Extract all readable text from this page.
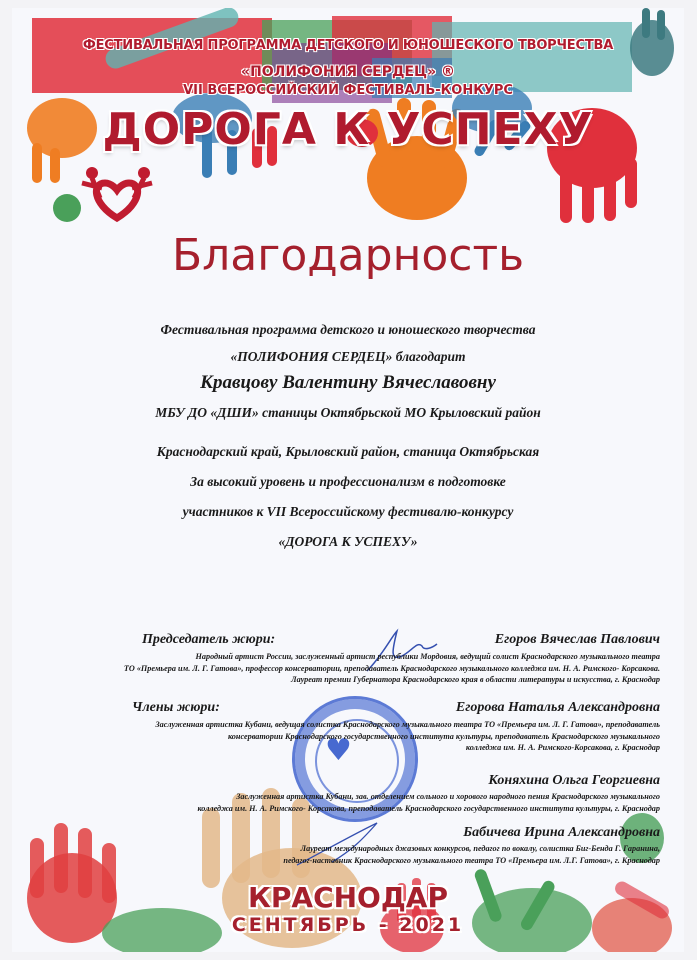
ФЕСТИВАЛЬНАЯ ПРОГРАММА ДЕТСКОГО И ЮНОШЕСКОГО ТВОРЧЕСТВА
«ПОЛИФОНИЯ СЕРДЕЦ» ®
VII ВСЕРОССИЙСКИЙ ФЕСТИВАЛЬ-КОНКУРС
ДОРОГА К УСПЕХУ
Благодарность
Фестивальная программа детского и юношеского творчества
«ПОЛИФОНИЯ СЕРДЕЦ» благодарит
Кравцову Валентину Вячеславовну
МБУ ДО «ДШИ» станицы Октябрьской МО Крыловский район
Краснодарский край, Крыловский район, станица Октябрьская
За высокий уровень и профессионализм в подготовке
участников к VII Всероссийскому фестивалю-конкурсу
«ДОРОГА К УСПЕХУ»
♥
Председатель жюри:	Егоров Вячеслав Павлович
Народный артист России, заслуженный артист республики Мордовия, ведущий солист Краснодарского музыкального театра
ТО «Премьера им. Л. Г. Гатова», профессор консерватории, преподаватель Краснодарского музыкального колледжа им. Н. А. Римского- Корсакова.
Лауреат премии Губернатора Краснодарского края в области литературы и искусства, г. Краснодар
Члены жюри:	Егорова Наталья Александровна
Заслуженная артистка Кубани, ведущая солистка Краснодарского музыкального театра ТО «Премьера им. Л. Г. Гатова», преподаватель
консерватории Краснодарского государственного института культуры, преподаватель Краснодарского музыкального
колледжа им. Н. А. Римского-Корсакова, г. Краснодар
Коняхина Ольга Георгиевна
Заслуженная артистка Кубани, зав. отделением сольного и хорового народного пения Краснодарского музыкального
колледжа им. Н. А. Римского- Корсакова, преподаватель Краснодарского государственного института культуры, г. Краснодар
Бабичева Ирина Александровна
Лауреат международных джазовых конкурсов, педагог по вокалу, солистка Биг-Бенда Г. Гаранина,
педагог-наставник Краснодарского музыкального театра ТО «Премьера им. Л.Г. Гатова», г. Краснодар
КРАСНОДАР
СЕНТЯБРЬ - 2021
